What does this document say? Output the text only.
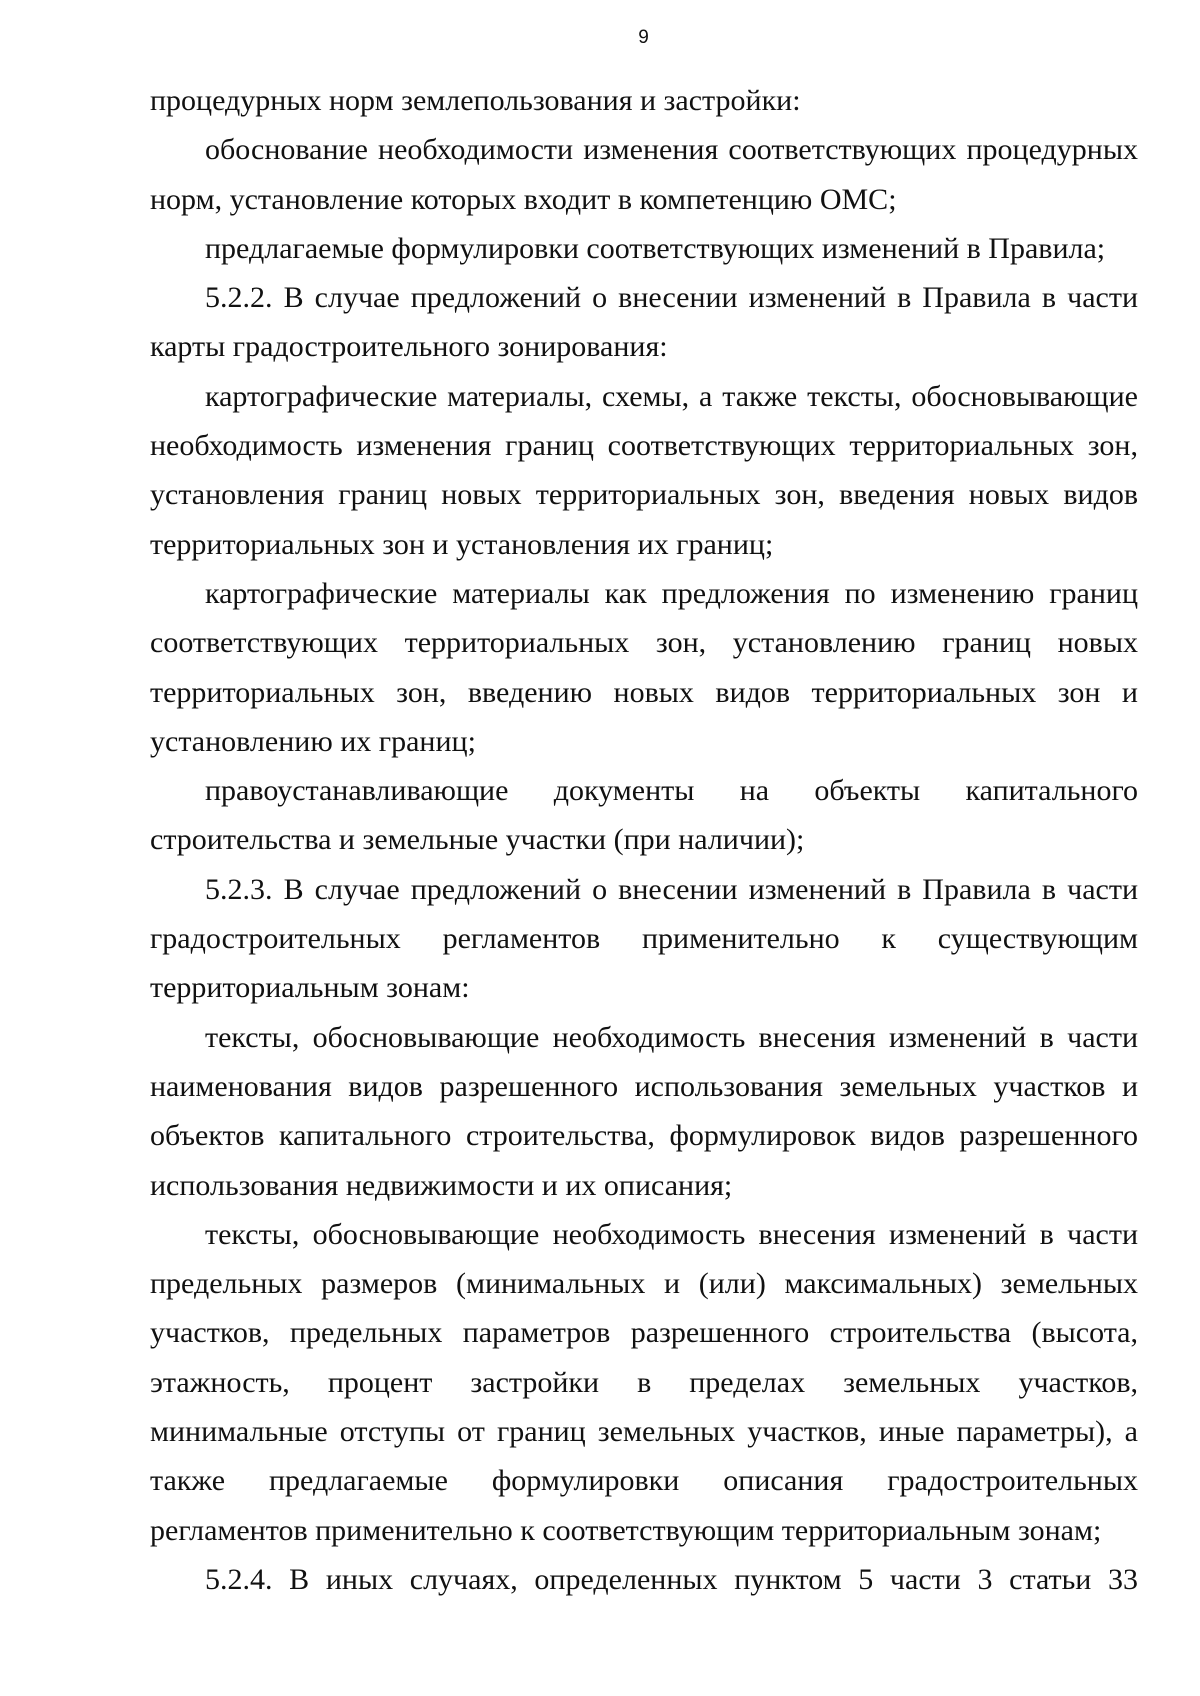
9

процедурных норм землепользования и застройки:

обоснование необходимости изменения соответствующих процедурных норм, установление которых входит в компетенцию ОМС;

предлагаемые формулировки соответствующих изменений в Правила;

5.2.2. В случае предложений о внесении изменений в Правила в части карты градостроительного зонирования:

картографические материалы, схемы, а также тексты, обосновывающие необходимость изменения границ соответствующих территориальных зон, установления границ новых территориальных зон, введения новых видов территориальных зон и установления их границ;

картографические материалы как предложения по изменению границ соответствующих территориальных зон, установлению границ новых территориальных зон, введению новых видов территориальных зон и установлению их границ;

правоустанавливающие документы на объекты капитального строительства и земельные участки (при наличии);

5.2.3. В случае предложений о внесении изменений в Правила в части градостроительных регламентов применительно к существующим территориальным зонам:

тексты, обосновывающие необходимость внесения изменений в части наименования видов разрешенного использования земельных участков и объектов капитального строительства, формулировок видов разрешенного использования недвижимости и их описания;

тексты, обосновывающие необходимость внесения изменений в части предельных размеров (минимальных и (или) максимальных) земельных участков, предельных параметров разрешенного строительства (высота, этажность, процент застройки в пределах земельных участков, минимальные отступы от границ земельных участков, иные параметры), а также предлагаемые формулировки описания градостроительных регламентов применительно к соответствующим территориальным зонам;

5.2.4. В иных случаях, определенных пунктом 5 части 3 статьи 33
